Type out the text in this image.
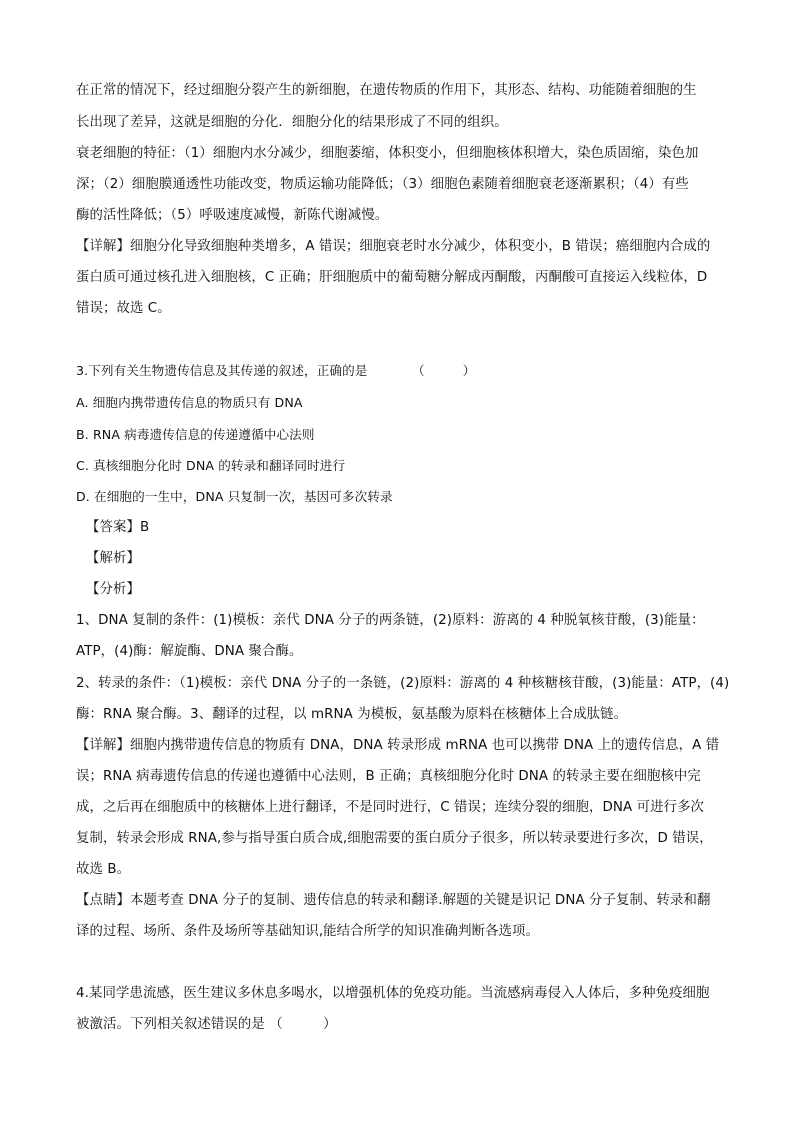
在正常的情况下，经过细胞分裂产生的新细胞，在遗传物质的作用下，其形态、结构、功能随着细胞的生

长出现了差异，这就是细胞的分化．细胞分化的结果形成了不同的组织。

衰老细胞的特征：（1）细胞内水分减少，细胞萎缩，体积变小，但细胞核体积增大，染色质固缩，染色加

深；（2）细胞膜通透性功能改变，物质运输功能降低；（3）细胞色素随着细胞衰老逐渐累积；（4）有些

酶的活性降低；（5）呼吸速度减慢，新陈代谢减慢。

【详解】细胞分化导致细胞种类增多，A 错误；细胞衰老时水分减少，体积变小，B 错误；癌细胞内合成的

蛋白质可通过核孔进入细胞核，C 正确；肝细胞质中的葡萄糖分解成丙酮酸，丙酮酸可直接运入线粒体，D

错误；故选 C。

3.下列有关生物遗传信息及其传递的叙述，正确的是　　　　（　　　）

A. 细胞内携带遗传信息的物质只有 DNA

B. RNA 病毒遗传信息的传递遵循中心法则

C. 真核细胞分化时 DNA 的转录和翻译同时进行

D. 在细胞的一生中，DNA 只复制一次，基因可多次转录

【答案】B

【解析】

【分析】

1、DNA 复制的条件：(1)模板：亲代 DNA 分子的两条链，(2)原料：游离的 4 种脱氧核苷酸，(3)能量：

ATP，(4)酶：解旋酶、DNA 聚合酶。

2、转录的条件：（1)模板：亲代 DNA 分子的一条链，(2)原料：游离的 4 种核糖核苷酸，(3)能量：ATP，(4)

酶：RNA 聚合酶。3、翻译的过程，以 mRNA 为模板，氨基酸为原料在核糖体上合成肽链。

【详解】细胞内携带遗传信息的物质有 DNA，DNA 转录形成 mRNA 也可以携带 DNA 上的遗传信息，A 错

误；RNA 病毒遗传信息的传递也遵循中心法则，B 正确；真核细胞分化时 DNA 的转录主要在细胞核中完

成，之后再在细胞质中的核糖体上进行翻译，不是同时进行，C 错误；连续分裂的细胞，DNA 可进行多次

复制，转录会形成 RNA,参与指导蛋白质合成,细胞需要的蛋白质分子很多，所以转录要进行多次，D 错误，

故选 B。

【点睛】本题考查 DNA 分子的复制、遗传信息的转录和翻译.解题的关键是识记 DNA 分子复制、转录和翻

译的过程、场所、条件及场所等基础知识,能结合所学的知识准确判断各选项。

4.某同学患流感，医生建议多休息多喝水，以增强机体的免疫功能。当流感病毒侵入人体后，多种免疫细胞

被激活。下列相关叙述错误的是 （　　　）
